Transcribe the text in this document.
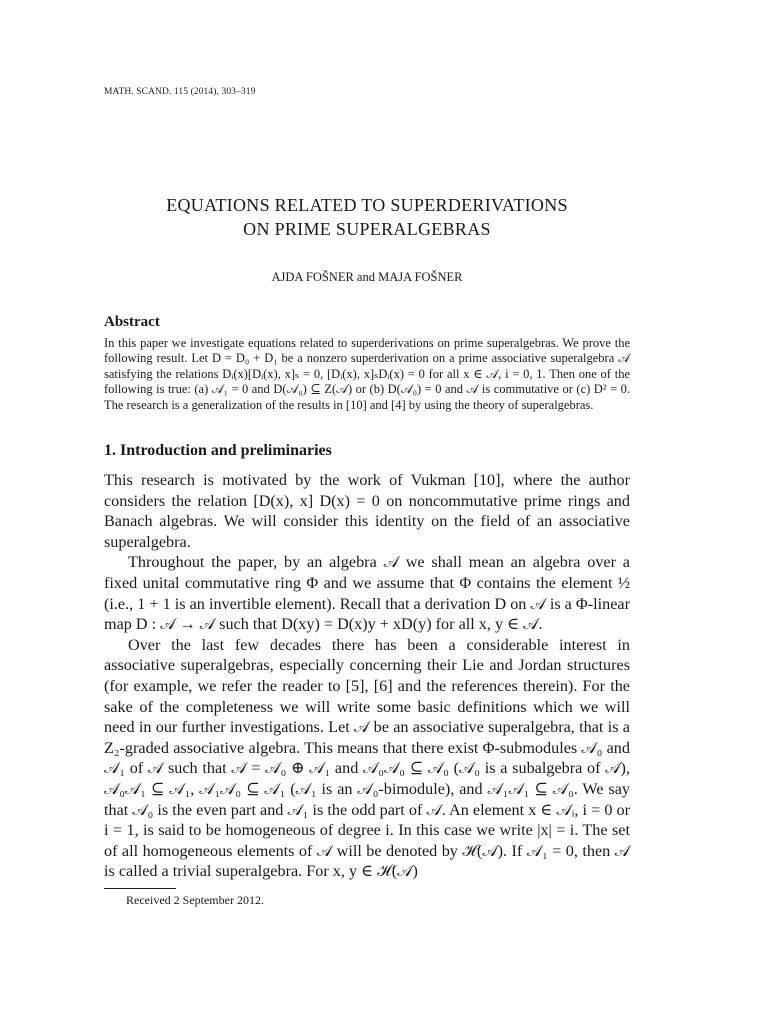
MATH. SCAND. 115 (2014), 303–319
EQUATIONS RELATED TO SUPERDERIVATIONS
ON PRIME SUPERALGEBRAS
AJDA FOŠNER and MAJA FOŠNER
Abstract
In this paper we investigate equations related to superderivations on prime superalgebras. We prove the following result. Let D = D₀ + D₁ be a nonzero superderivation on a prime associative superalgebra 𝒜 satisfying the relations Dᵢ(x)[Dᵢ(x), x]ₛ = 0, [Dᵢ(x), x]ₛDᵢ(x) = 0 for all x ∈ 𝒜, i = 0, 1. Then one of the following is true: (a) 𝒜₁ = 0 and D(𝒜₀) ⊆ Z(𝒜) or (b) D(𝒜₀) = 0 and 𝒜 is commutative or (c) D² = 0. The research is a generalization of the results in [10] and [4] by using the theory of superalgebras.
1. Introduction and preliminaries

This research is motivated by the work of Vukman [10], where the author considers the relation [D(x), x] D(x) = 0 on noncommutative prime rings and Banach algebras. We will consider this identity on the field of an associative superalgebra.

Throughout the paper, by an algebra 𝒜 we shall mean an algebra over a fixed unital commutative ring Φ and we assume that Φ contains the element ½ (i.e., 1 + 1 is an invertible element). Recall that a derivation D on 𝒜 is a Φ-linear map D : 𝒜 → 𝒜 such that D(xy) = D(x)y + xD(y) for all x, y ∈ 𝒜.

Over the last few decades there has been a considerable interest in associative superalgebras, especially concerning their Lie and Jordan structures (for example, we refer the reader to [5], [6] and the references therein). For the sake of the completeness we will write some basic definitions which we will need in our further investigations. Let 𝒜 be an associative superalgebra, that is a Z₂-graded associative algebra. This means that there exist Φ-submodules 𝒜₀ and 𝒜₁ of 𝒜 such that 𝒜 = 𝒜₀ ⊕ 𝒜₁ and 𝒜₀𝒜₀ ⊆ 𝒜₀ (𝒜₀ is a subalgebra of 𝒜), 𝒜₀𝒜₁ ⊆ 𝒜₁, 𝒜₁𝒜₀ ⊆ 𝒜₁ (𝒜₁ is an 𝒜₀-bimodule), and 𝒜₁𝒜₁ ⊆ 𝒜₀. We say that 𝒜₀ is the even part and 𝒜₁ is the odd part of 𝒜. An element x ∈ 𝒜ᵢ, i = 0 or i = 1, is said to be homogeneous of degree i. In this case we write |x| = i. The set of all homogeneous elements of 𝒜 will be denoted by ℋ(𝒜). If 𝒜₁ = 0, then 𝒜 is called a trivial superalgebra. For x, y ∈ ℋ(𝒜)

Received 2 September 2012.
